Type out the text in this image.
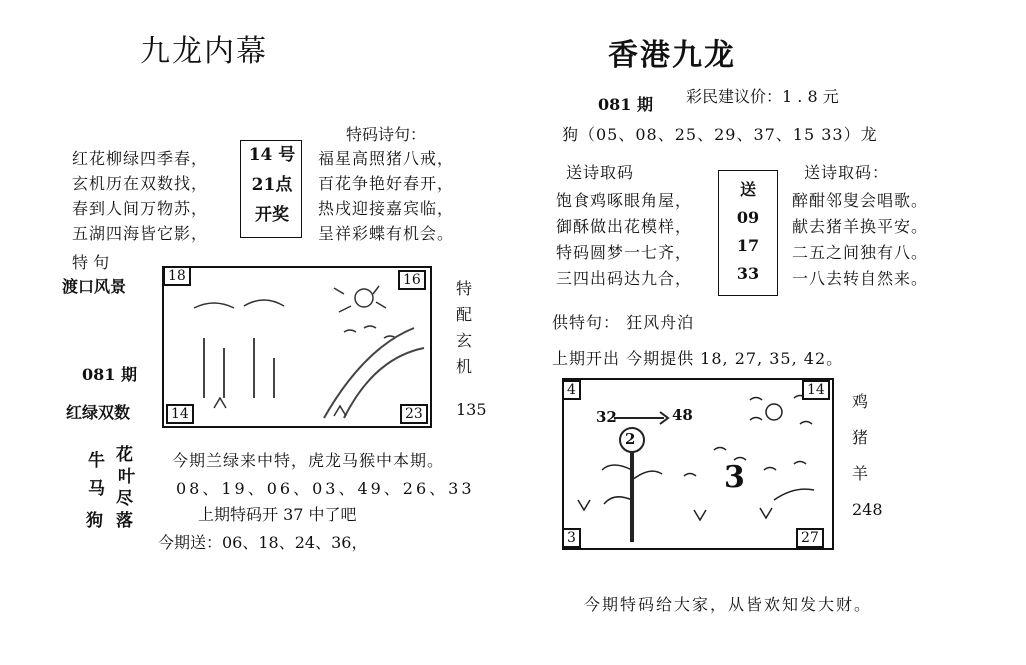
九龙内幕
红花柳绿四季春，
玄机历在双数找，
春到人间万物苏，
五湖四海皆它影，
14 号
21点
开奖
特码诗句：
福星高照猪八戒，
百花争艳好春开，
热戌迎接嘉宾临，
呈祥彩蝶有机会。
特 句
渡口风景
081 期
红绿双数
18	16
14	23
特
配
玄
机
135
牛 花
马
叶
尽
狗 落
今期兰绿来中特，虎龙马猴中本期。
08、19、06、03、49、26、33
上期特码开 37 中了吧
今期送：06、18、24、36，
香港九龙
081 期 彩民建议价：1 . 8 元
狗（05、08、25、29、37、15 33）龙
送诗取码
饱食鸡啄眼角屋，
御酥做出花模样，
特码圆梦一七齐，
三四出码达九合，
送
09
17
33
送诗取码：
醉酣邻叟会唱歌。
献去猪羊换平安。
二五之间独有八。
一八去转自然来。
供特句： 狂风舟泊
上期开出 今期提供 18, 27, 35, 42。
4	14
3	27
32	48
2
3
鸡
猪
羊
248
今期特码给大家，从皆欢知发大财。
